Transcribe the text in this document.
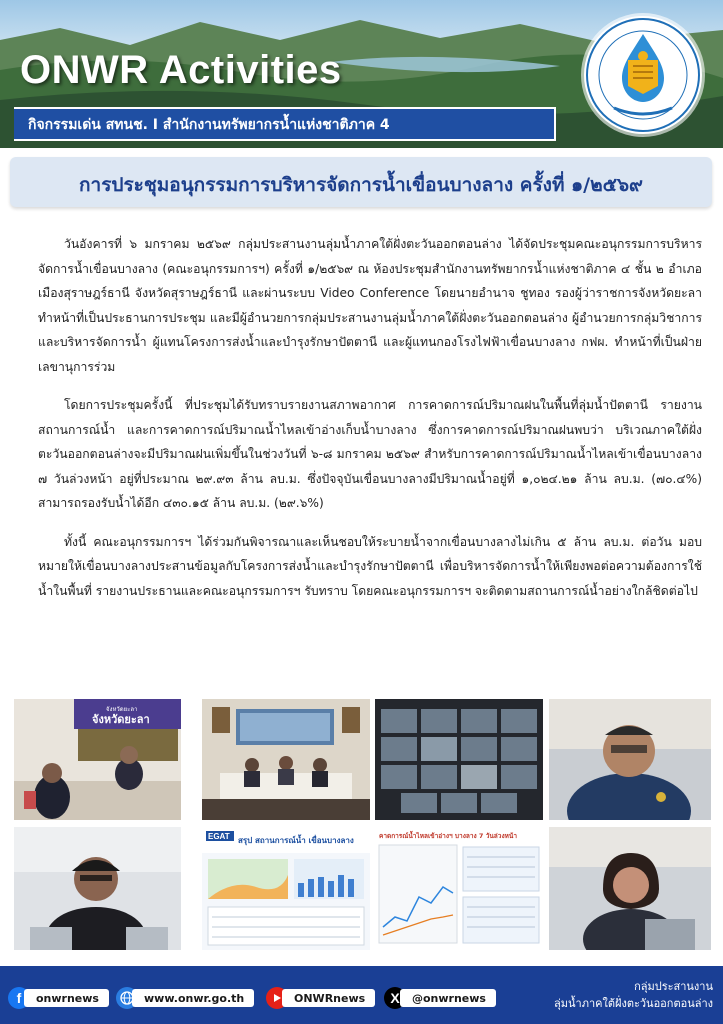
ONWR Activities
กิจกรรมเด่น สทนช. I สำนักงานทรัพยากรน้ำแห่งชาติภาค 4
การประชุมอนุกรรมการบริหารจัดการน้ำเขื่อนบางลาง ครั้งที่ ๑/๒๕๖๙

วันอังคารที่ ๖ มกราคม ๒๕๖๙ กลุ่มประสานงานลุ่มน้ำภาคใต้ฝั่งตะวันออกตอนล่าง ได้จัดประชุมคณะอนุกรรมการบริหารจัดการน้ำเขื่อนบางลาง (คณะอนุกรรมการฯ) ครั้งที่ ๑/๒๕๖๙ ณ ห้องประชุมสำนักงานทรัพยากรน้ำแห่งชาติภาค ๔ ชั้น ๒ อำเภอเมืองสุราษฎร์ธานี จังหวัดสุราษฎร์ธานี และผ่านระบบ Video Conference โดยนายอำนาจ ชูทอง รองผู้ว่าราชการจังหวัดยะลา ทำหน้าที่เป็นประธานการประชุม และมีผู้อำนวยการกลุ่มประสานงานลุ่มน้ำภาคใต้ฝั่งตะวันออกตอนล่าง ผู้อำนวยการกลุ่มวิชาการและบริหารจัดการน้ำ ผู้แทนโครงการส่งน้ำและบำรุงรักษาปัตตานี และผู้แทนกองโรงไฟฟ้าเขื่อนบางลาง กฟผ. ทำหน้าที่เป็นฝ่ายเลขานุการร่วม

โดยการประชุมครั้งนี้ ที่ประชุมได้รับทราบรายงานสภาพอากาศ การคาดการณ์ปริมาณฝนในพื้นที่ลุ่มน้ำปัตตานี รายงานสถานการณ์น้ำ และการคาดการณ์ปริมาณน้ำไหลเข้าอ่างเก็บน้ำบางลาง ซึ่งการคาดการณ์ปริมาณฝนพบว่า บริเวณภาคใต้ฝั่งตะวันออกตอนล่างจะมีปริมาณฝนเพิ่มขึ้นในช่วงวันที่ ๖-๘ มกราคม ๒๕๖๙ สำหรับการคาดการณ์ปริมาณน้ำไหลเข้าเขื่อนบางลาง ๗ วันล่วงหน้า อยู่ที่ประมาณ ๒๙.๙๓ ล้าน ลบ.ม. ซึ่งปัจจุบันเขื่อนบางลางมีปริมาณน้ำอยู่ที่ ๑,๐๒๔.๒๑ ล้าน ลบ.ม. (๗๐.๔%) สามารถรองรับน้ำได้อีก ๔๓๐.๑๕ ล้าน ลบ.ม. (๒๙.๖%)

ทั้งนี้ คณะอนุกรรมการฯ ได้ร่วมกันพิจารณาและเห็นชอบให้ระบายน้ำจากเขื่อนบางลางไม่เกิน ๕ ล้าน ลบ.ม. ต่อวัน มอบหมายให้เขื่อนบางลางประสานข้อมูลกับโครงการส่งน้ำและบำรุงรักษาปัตตานี เพื่อบริหารจัดการน้ำให้เพียงพอต่อความต้องการใช้น้ำในพื้นที่ รายงานประธานและคณะอนุกรรมการฯ รับทราบ โดยคณะอนุกรรมการฯ จะติดตามสถานการณ์น้ำอย่างใกล้ชิดต่อไป

จังหวัดยะลา
จังหวัดยะลา
EGAT สรุป สถานการณ์น้ำ เขื่อนบางลาง	คาดการณ์น้ำไหลเข้าอ่างฯ บางลาง 7 วันล่วงหน้า
f	onwrnews	www.onwr.go.th	ONWRnews	X	@onwrnews
กลุ่มประสานงาน
ลุ่มน้ำภาคใต้ฝั่งตะวันออกตอนล่าง
